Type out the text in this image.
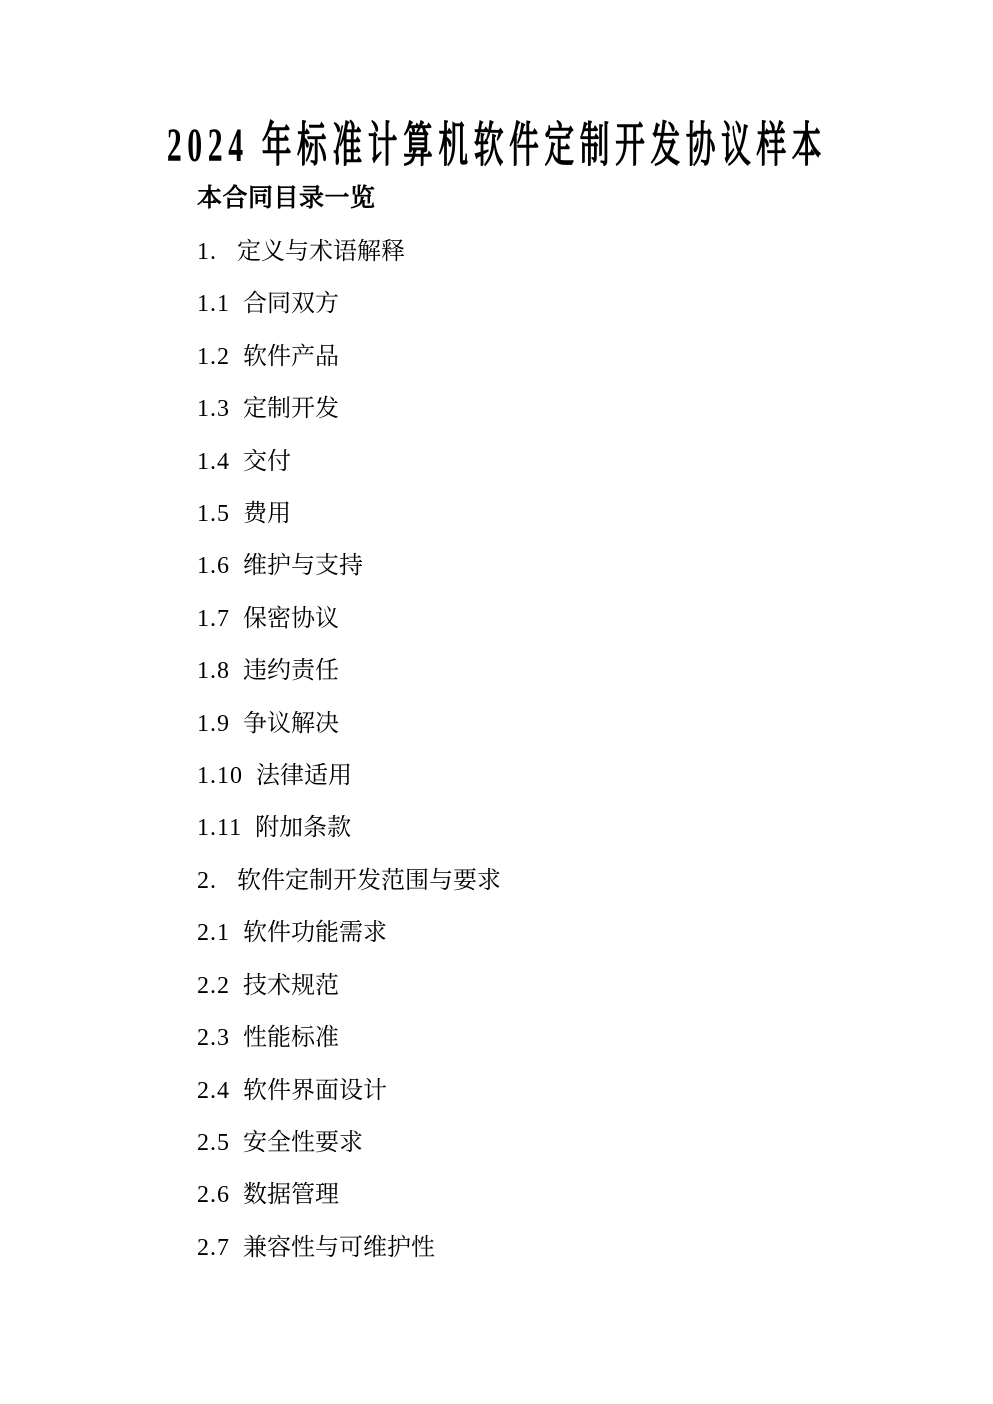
2024 年标准计算机软件定制开发协议样本
本合同目录一览
1. 定义与术语解释
1.1 合同双方
1.2 软件产品
1.3 定制开发
1.4 交付
1.5 费用
1.6 维护与支持
1.7 保密协议
1.8 违约责任
1.9 争议解决
1.10 法律适用
1.11 附加条款
2. 软件定制开发范围与要求
2.1 软件功能需求
2.2 技术规范
2.3 性能标准
2.4 软件界面设计
2.5 安全性要求
2.6 数据管理
2.7 兼容性与可维护性
